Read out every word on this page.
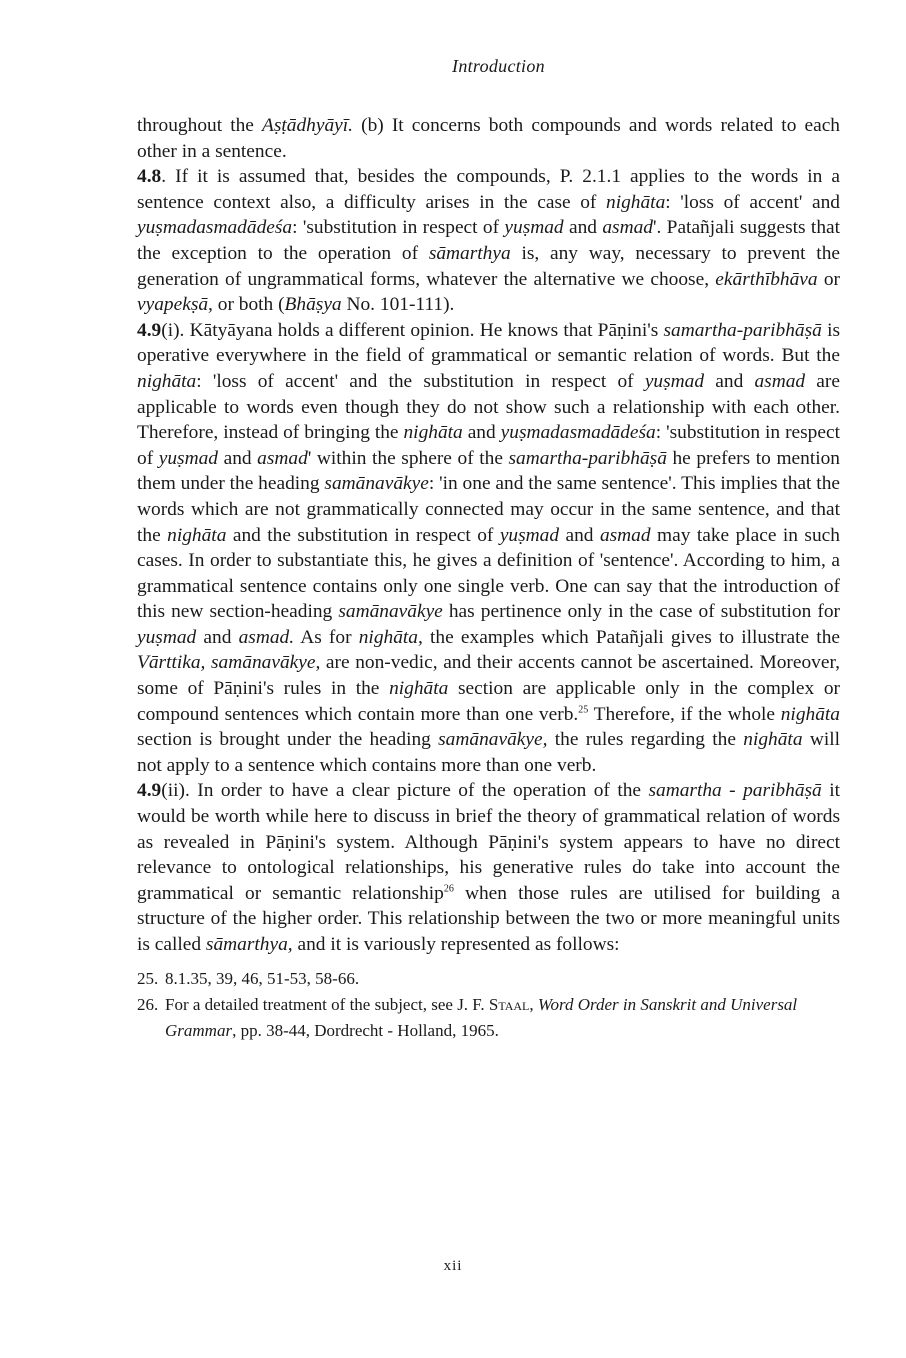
Introduction

throughout the Aṣṭādhyāyī. (b) It concerns both compounds and words related to each other in a sentence.

4.8. If it is assumed that, besides the compounds, P. 2.1.1 applies to the words in a sentence context also, a difficulty arises in the case of nighāta: 'loss of accent' and yuṣmadasmadādeśa: 'substitution in respect of yuṣmad and asmad'. Patañjali suggests that the exception to the operation of sāmarthya is, any way, necessary to prevent the generation of ungrammatical forms, whatever the alternative we choose, ekārthībhāva or vyapekṣā, or both (Bhāṣya No. 101-111).

4.9(i). Kātyāyana holds a different opinion. He knows that Pāṇini's samartha-paribhāṣā is operative everywhere in the field of grammatical or semantic relation of words. But the nighāta: 'loss of accent' and the substitution in respect of yuṣmad and asmad are applicable to words even though they do not show such a relationship with each other. Therefore, instead of bringing the nighāta and yuṣmadasmadādeśa: 'substitution in respect of yuṣmad and asmad' within the sphere of the samartha-paribhāṣā he prefers to mention them under the heading samānavākye: 'in one and the same sentence'. This implies that the words which are not grammatically connected may occur in the same sentence, and that the nighāta and the substitution in respect of yuṣmad and asmad may take place in such cases. In order to substantiate this, he gives a definition of 'sentence'. According to him, a grammatical sentence contains only one single verb. One can say that the introduction of this new section-heading samānavākye has pertinence only in the case of substitution for yuṣmad and asmad. As for nighāta, the examples which Patañjali gives to illustrate the Vārttika, samānavākye, are non-vedic, and their accents cannot be ascertained. Moreover, some of Pāṇini's rules in the nighāta section are applicable only in the complex or compound sentences which contain more than one verb.$^{25}$ Therefore, if the whole nighāta section is brought under the heading samānavākye, the rules regarding the nighāta will not apply to a sentence which contains more than one verb.

4.9(ii). In order to have a clear picture of the operation of the samartha - paribhāṣā it would be worth while here to discuss in brief the theory of grammatical relation of words as revealed in Pāṇini's system. Although Pāṇini's system appears to have no direct relevance to ontological relationships, his generative rules do take into account the grammatical or semantic relationship$^{26}$ when those rules are utilised for building a structure of the higher order. This relationship between the two or more meaningful units is called sāmarthya, and it is variously represented as follows:

25. 8.1.35, 39, 46, 51-53, 58-66.
26. For a detailed treatment of the subject, see J. F. Staal, Word Order in Sanskrit and Universal Grammar, pp. 38-44, Dordrecht - Holland, 1965.
xii
